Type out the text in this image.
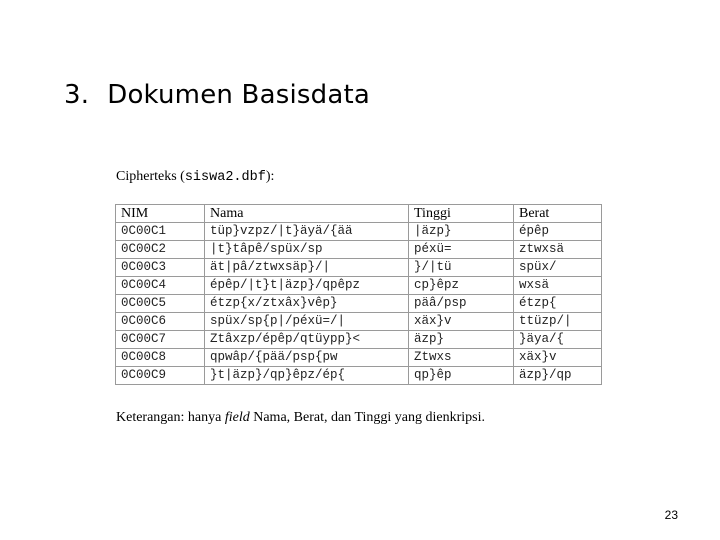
3. Dokumen Basisdata
Cipherteks (siswa2.dbf):
NIM	Nama	Tinggi	Berat
0C00C1	tüp}vzpz/|t}äyä/{ää	|äzp}	épêp
0C00C2	|t}tâpê/spüx/sp	péxü=	ztwxsä
0C00C3	ät|pâ/ztwxsäp}/|	}/|tü	spüx/
0C00C4	épêp/|t}t|äzp}/qpêpz	cp}êpz	wxsä
0C00C5	étzp{x/ztxâx}vêp}	päâ/psp	étzp{
0C00C6	spüx/sp{p|/péxü=/|	xäx}v	ttüzp/|
0C00C7	Ztâxzp/épêp/qtüypp}<	äzp}	}äya/{
0C00C8	qpwâp/{pää/psp{pw	Ztwxs	xäx}v
0C00C9	}t|äzp}/qp}êpz/ép{	qp}êp	äzp}/qp
Keterangan: hanya field Nama, Berat, dan Tinggi yang dienkripsi.
23
